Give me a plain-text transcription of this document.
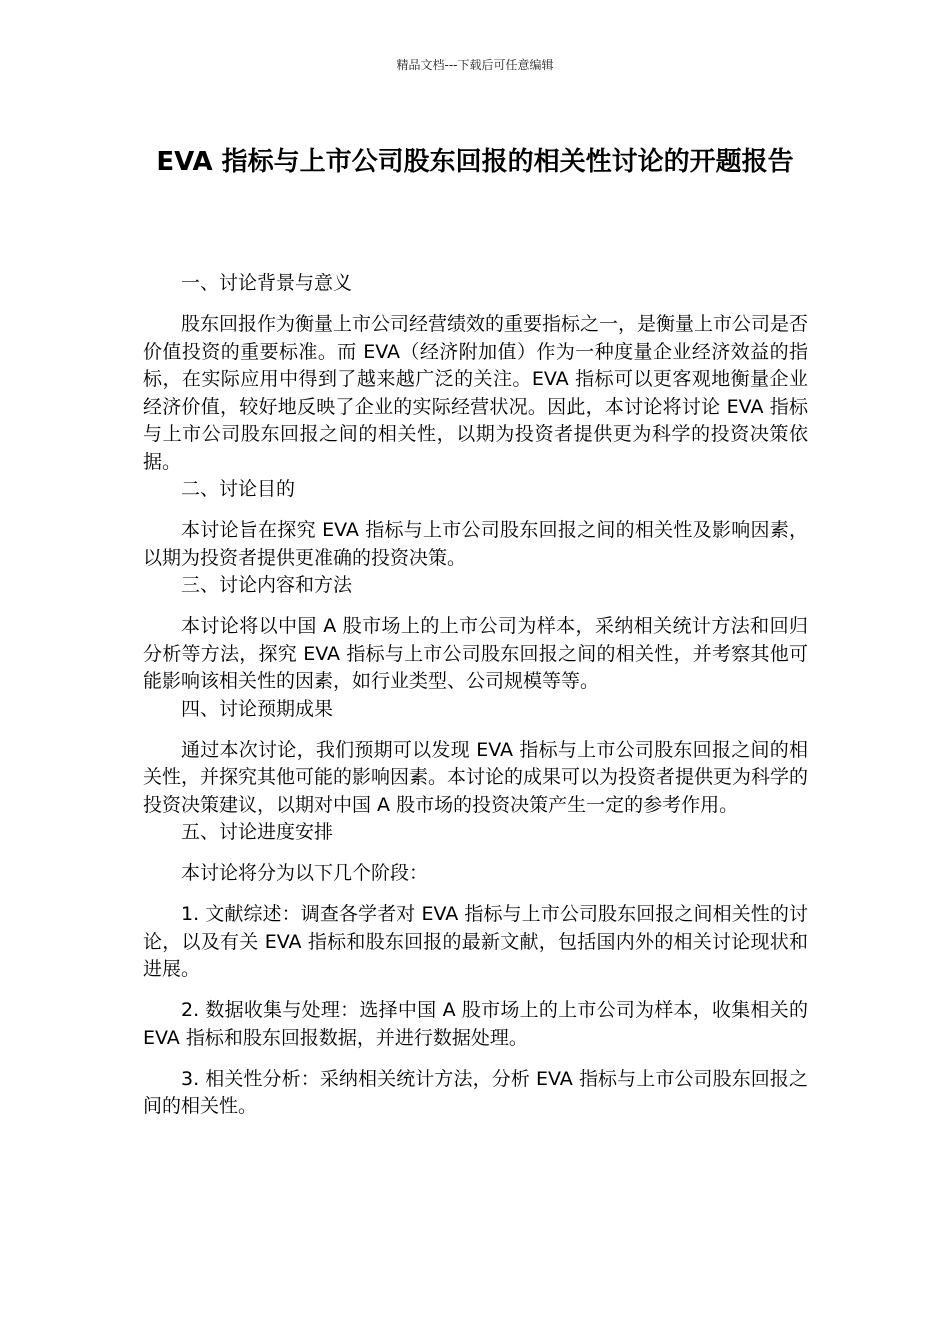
精品文档---下载后可任意编辑
EVA 指标与上市公司股东回报的相关性讨论的开题报告

一、讨论背景与意义

股东回报作为衡量上市公司经营绩效的重要指标之一，是衡量上市公司是否价值投资的重要标准。而 EVA（经济附加值）作为一种度量企业经济效益的指标，在实际应用中得到了越来越广泛的关注。EVA 指标可以更客观地衡量企业经济价值，较好地反映了企业的实际经营状况。因此，本讨论将讨论 EVA 指标与上市公司股东回报之间的相关性，以期为投资者提供更为科学的投资决策依据。

二、讨论目的

本讨论旨在探究 EVA 指标与上市公司股东回报之间的相关性及影响因素，以期为投资者提供更准确的投资决策。

三、讨论内容和方法

本讨论将以中国 A 股市场上的上市公司为样本，采纳相关统计方法和回归分析等方法，探究 EVA 指标与上市公司股东回报之间的相关性，并考察其他可能影响该相关性的因素，如行业类型、公司规模等等。

四、讨论预期成果

通过本次讨论，我们预期可以发现 EVA 指标与上市公司股东回报之间的相关性，并探究其他可能的影响因素。本讨论的成果可以为投资者提供更为科学的投资决策建议，以期对中国 A 股市场的投资决策产生一定的参考作用。

五、讨论进度安排

本讨论将分为以下几个阶段：

1. 文献综述：调查各学者对 EVA 指标与上市公司股东回报之间相关性的讨论，以及有关 EVA 指标和股东回报的最新文献，包括国内外的相关讨论现状和进展。

2. 数据收集与处理：选择中国 A 股市场上的上市公司为样本，收集相关的 EVA 指标和股东回报数据，并进行数据处理。

3. 相关性分析：采纳相关统计方法，分析 EVA 指标与上市公司股东回报之间的相关性。
